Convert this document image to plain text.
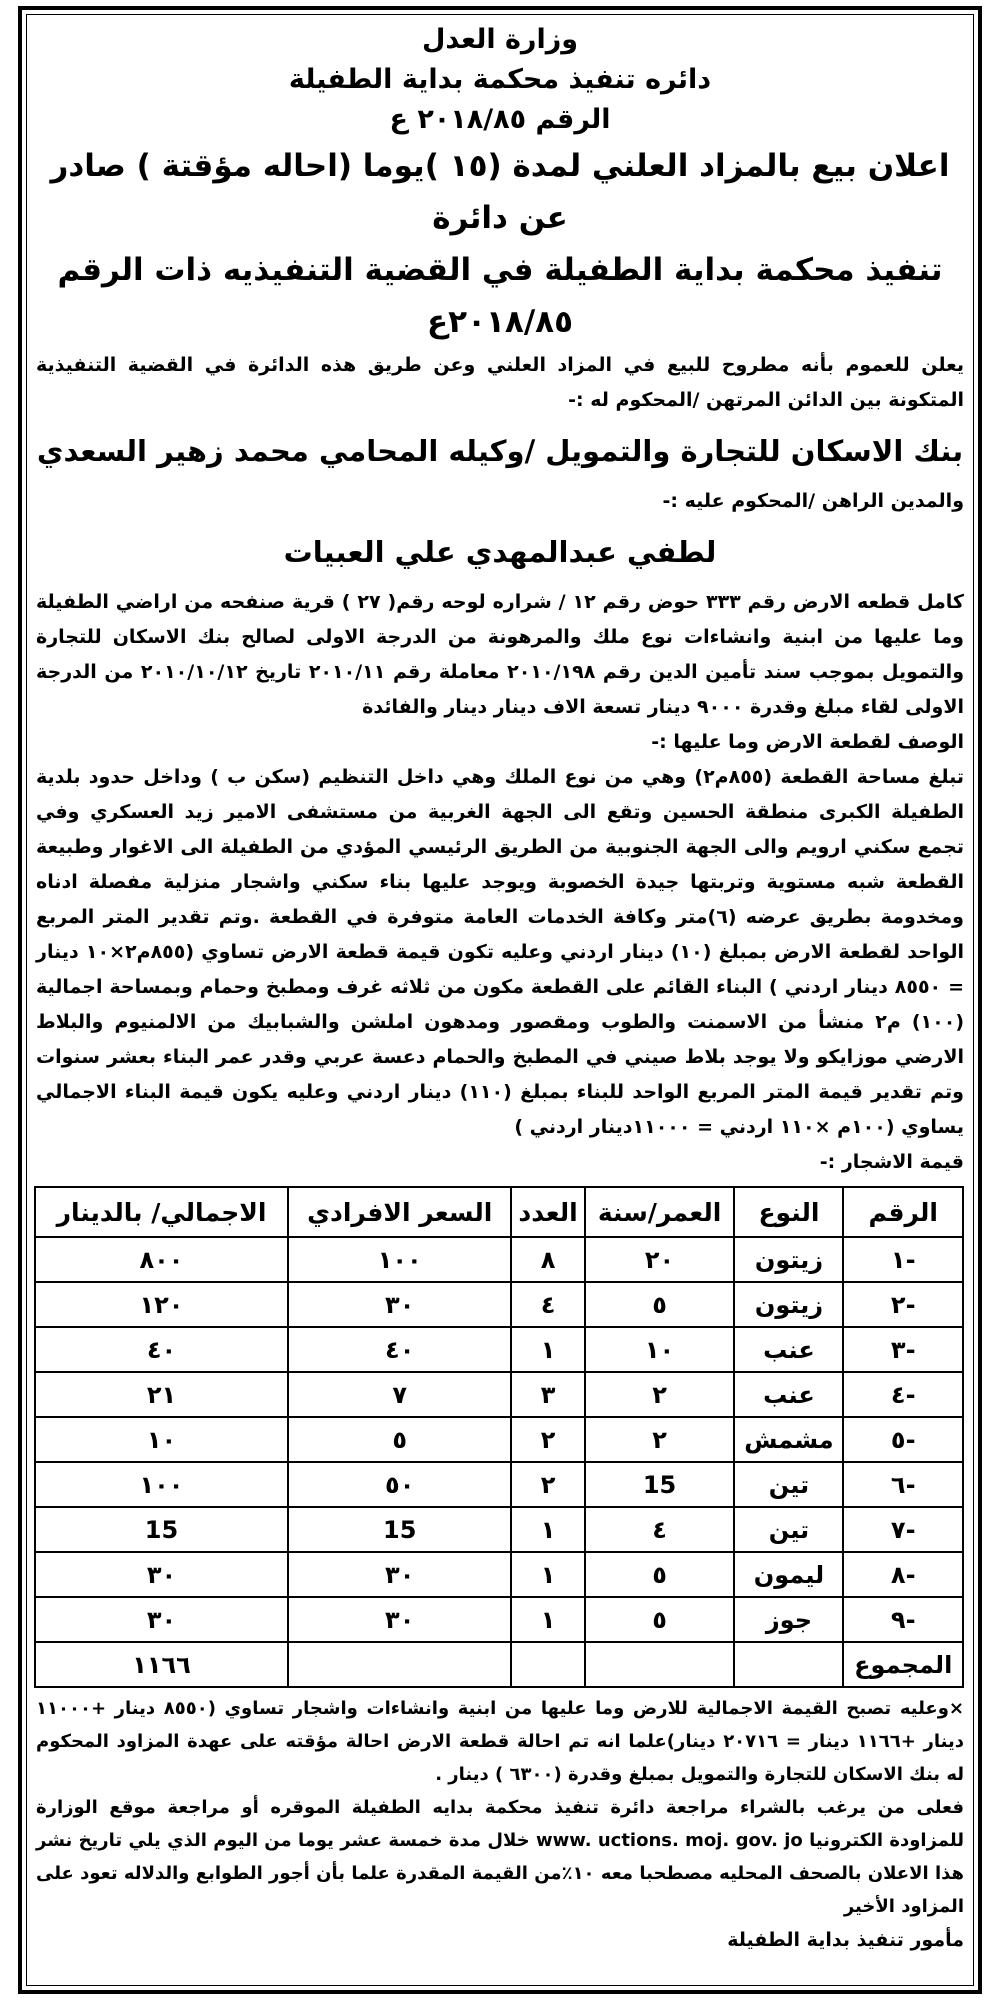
وزارة العدل
دائره تنفيذ محكمة بداية الطفيلة
الرقم ٢٠١٨/٨٥ ع
اعلان بيع بالمزاد العلني لمدة (١٥ )يوما (احاله مؤقتة ) صادر عن دائرة
تنفيذ محكمة بداية الطفيلة في القضية التنفيذيه ذات الرقم ٢٠١٨/٨٥ع

يعلن للعموم بأنه مطروح للبيع في المزاد العلني وعن طريق هذه الدائرة في القضية التنفيذية المتكونة بين الدائن المرتهن /المحكوم له :-

بنك الاسكان للتجارة والتمويل /وكيله المحامي محمد زهير السعدي

والمدين الراهن /المحكوم عليه :-

لطفي عبدالمهدي علي العبيات

كامل قطعه الارض رقم ٣٣٣ حوض رقم ١٢ / شراره لوحه رقم( ٢٧ ) قرية صنفحه من اراضي الطفيلة وما عليها من ابنية وانشاءات نوع ملك والمرهونة من الدرجة الاولى لصالح بنك الاسكان للتجارة والتمويل بموجب سند تأمين الدين رقم ٢٠١٠/١٩٨ معاملة رقم ٢٠١٠/١١ تاريخ ٢٠١٠/١٠/١٢ من الدرجة الاولى لقاء مبلغ وقدرة ٩٠٠٠ دينار تسعة الاف دينار دينار والفائدة

الوصف لقطعة الارض وما عليها :-

تبلغ مساحة القطعة (٨٥٥م٢) وهي من نوع الملك وهي داخل التنظيم (سكن ب ) وداخل حدود بلدية الطفيلة الكبرى منطقة الحسين وتقع الى الجهة الغربية من مستشفى الامير زيد العسكري وفي تجمع سكني ارويم والى الجهة الجنوبية من الطريق الرئيسي المؤدي من الطفيلة الى الاغوار وطبيعة القطعة شبه مستوية وتربتها جيدة الخصوبة ويوجد عليها بناء سكني واشجار منزلية مفصلة ادناه ومخدومة بطريق عرضه (٦)متر وكافة الخدمات العامة متوفرة في القطعة .وتم تقدير المتر المربع الواحد لقطعة الارض بمبلغ (١٠) دينار اردني وعليه تكون قيمة قطعة الارض تساوي (٨٥٥م٢×١٠ دينار = ٨٥٥٠ دينار اردني ) البناء القائم على القطعة مكون من ثلاثه غرف ومطبخ وحمام وبمساحة اجمالية (١٠٠) م٢ منشأ من الاسمنت والطوب ومقصور ومدهون املشن والشبابيك من الالمنيوم والبلاط الارضي موزايكو ولا يوجد بلاط صيني في المطبخ والحمام دعسة عربي وقدر عمر البناء بعشر سنوات وتم تقدير قيمة المتر المربع الواحد للبناء بمبلغ (١١٠) دينار اردني وعليه يكون قيمة البناء الاجمالي يساوي (١٠٠م ×١١٠ اردني = ١١٠٠٠دينار اردني )

قيمة الاشجار :-

الرقم	النوع	العمر/سنة	العدد	السعر الافرادي	الاجمالي/ بالدينار
-١	زيتون	٢٠	٨	١٠٠	٨٠٠
-٢	زيتون	٥	٤	٣٠	١٢٠
-٣	عنب	١٠	١	٤٠	٤٠
-٤	عنب	٢	٣	٧	٢١
-٥	مشمش	٢	٢	٥	١٠
-٦	تين	15	٢	٥٠	١٠٠
-٧	تين	٤	١	15	15
-٨	ليمون	٥	١	٣٠	٣٠
-٩	جوز	٥	١	٣٠	٣٠
المجموع					١١٦٦

×وعليه تصبح القيمة الاجمالية للارض وما عليها من ابنية وانشاءات واشجار تساوي (٨٥٥٠ دينار +١١٠٠٠ دينار +١١٦٦ دينار = ٢٠٧١٦ دينار)علما انه تم احالة قطعة الارض احالة مؤقته على عهدة المزاود المحكوم له بنك الاسكان للتجارة والتمويل بمبلغ وقدرة (٦٣٠٠ ) دينار .

فعلى من يرغب بالشراء مراجعة دائرة تنفيذ محكمة بدايه الطفيلة الموقره أو مراجعة موقع الوزارة للمزاودة الكترونيا www. uctions. moj. gov. jo خلال مدة خمسة عشر يوما من اليوم الذي يلي تاريخ نشر هذا الاعلان بالصحف المحليه مصطحبا معه ١٠٪من القيمة المقدرة علما بأن أجور الطوابع والدلاله تعود على المزاود الأخير

مأمور تنفيذ بداية الطفيلة
